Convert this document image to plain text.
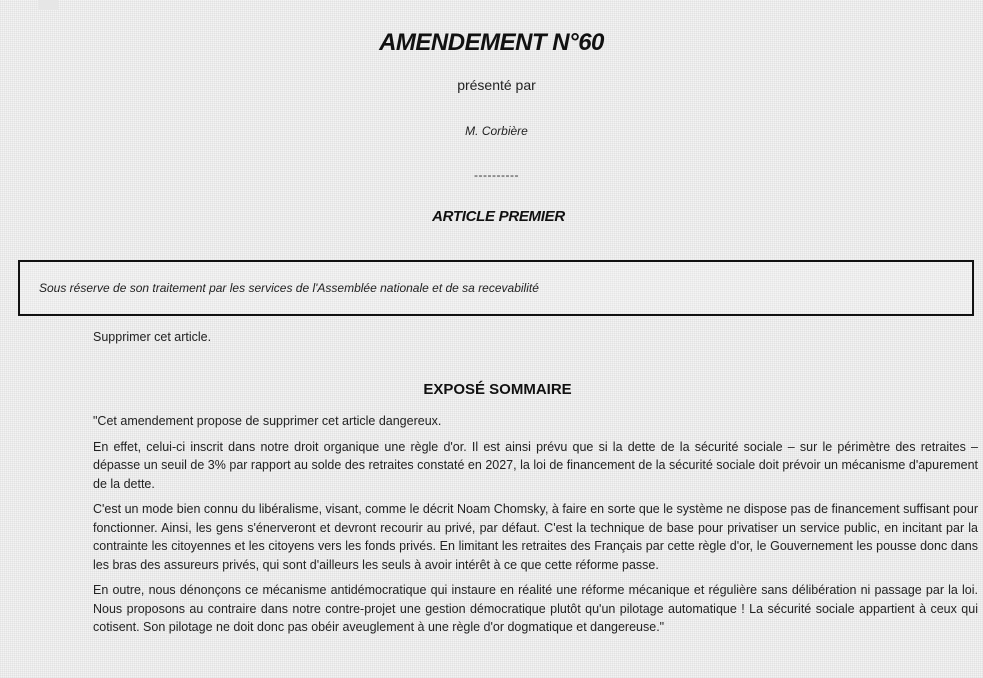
AMENDEMENT N°60
présenté par
M. Corbière
----------
ARTICLE PREMIER
Sous réserve de son traitement par les services de l'Assemblée nationale et de sa recevabilité
Supprimer cet article.
EXPOSÉ SOMMAIRE

"Cet amendement propose de supprimer cet article dangereux.

En effet, celui-ci inscrit dans notre droit organique une règle d'or. Il est ainsi prévu que si la dette de la sécurité sociale – sur le périmètre des retraites – dépasse un seuil de 3% par rapport au solde des retraites constaté en 2027, la loi de financement de la sécurité sociale doit prévoir un mécanisme d'apurement de la dette.

C'est un mode bien connu du libéralisme, visant, comme le décrit Noam Chomsky, à faire en sorte que le système ne dispose pas de financement suffisant pour fonctionner. Ainsi, les gens s'énerveront et devront recourir au privé, par défaut. C'est la technique de base pour privatiser un service public, en incitant par la contrainte les citoyennes et les citoyens vers les fonds privés. En limitant les retraites des Français par cette règle d'or, le Gouvernement les pousse donc dans les bras des assureurs privés, qui sont d'ailleurs les seuls à avoir intérêt à ce que cette réforme passe.

En outre, nous dénonçons ce mécanisme antidémocratique qui instaure en réalité une réforme mécanique et régulière sans délibération ni passage par la loi. Nous proposons au contraire dans notre contre-projet une gestion démocratique plutôt qu'un pilotage automatique ! La sécurité sociale appartient à ceux qui cotisent. Son pilotage ne doit donc pas obéir aveuglement à une règle d'or dogmatique et dangereuse."
